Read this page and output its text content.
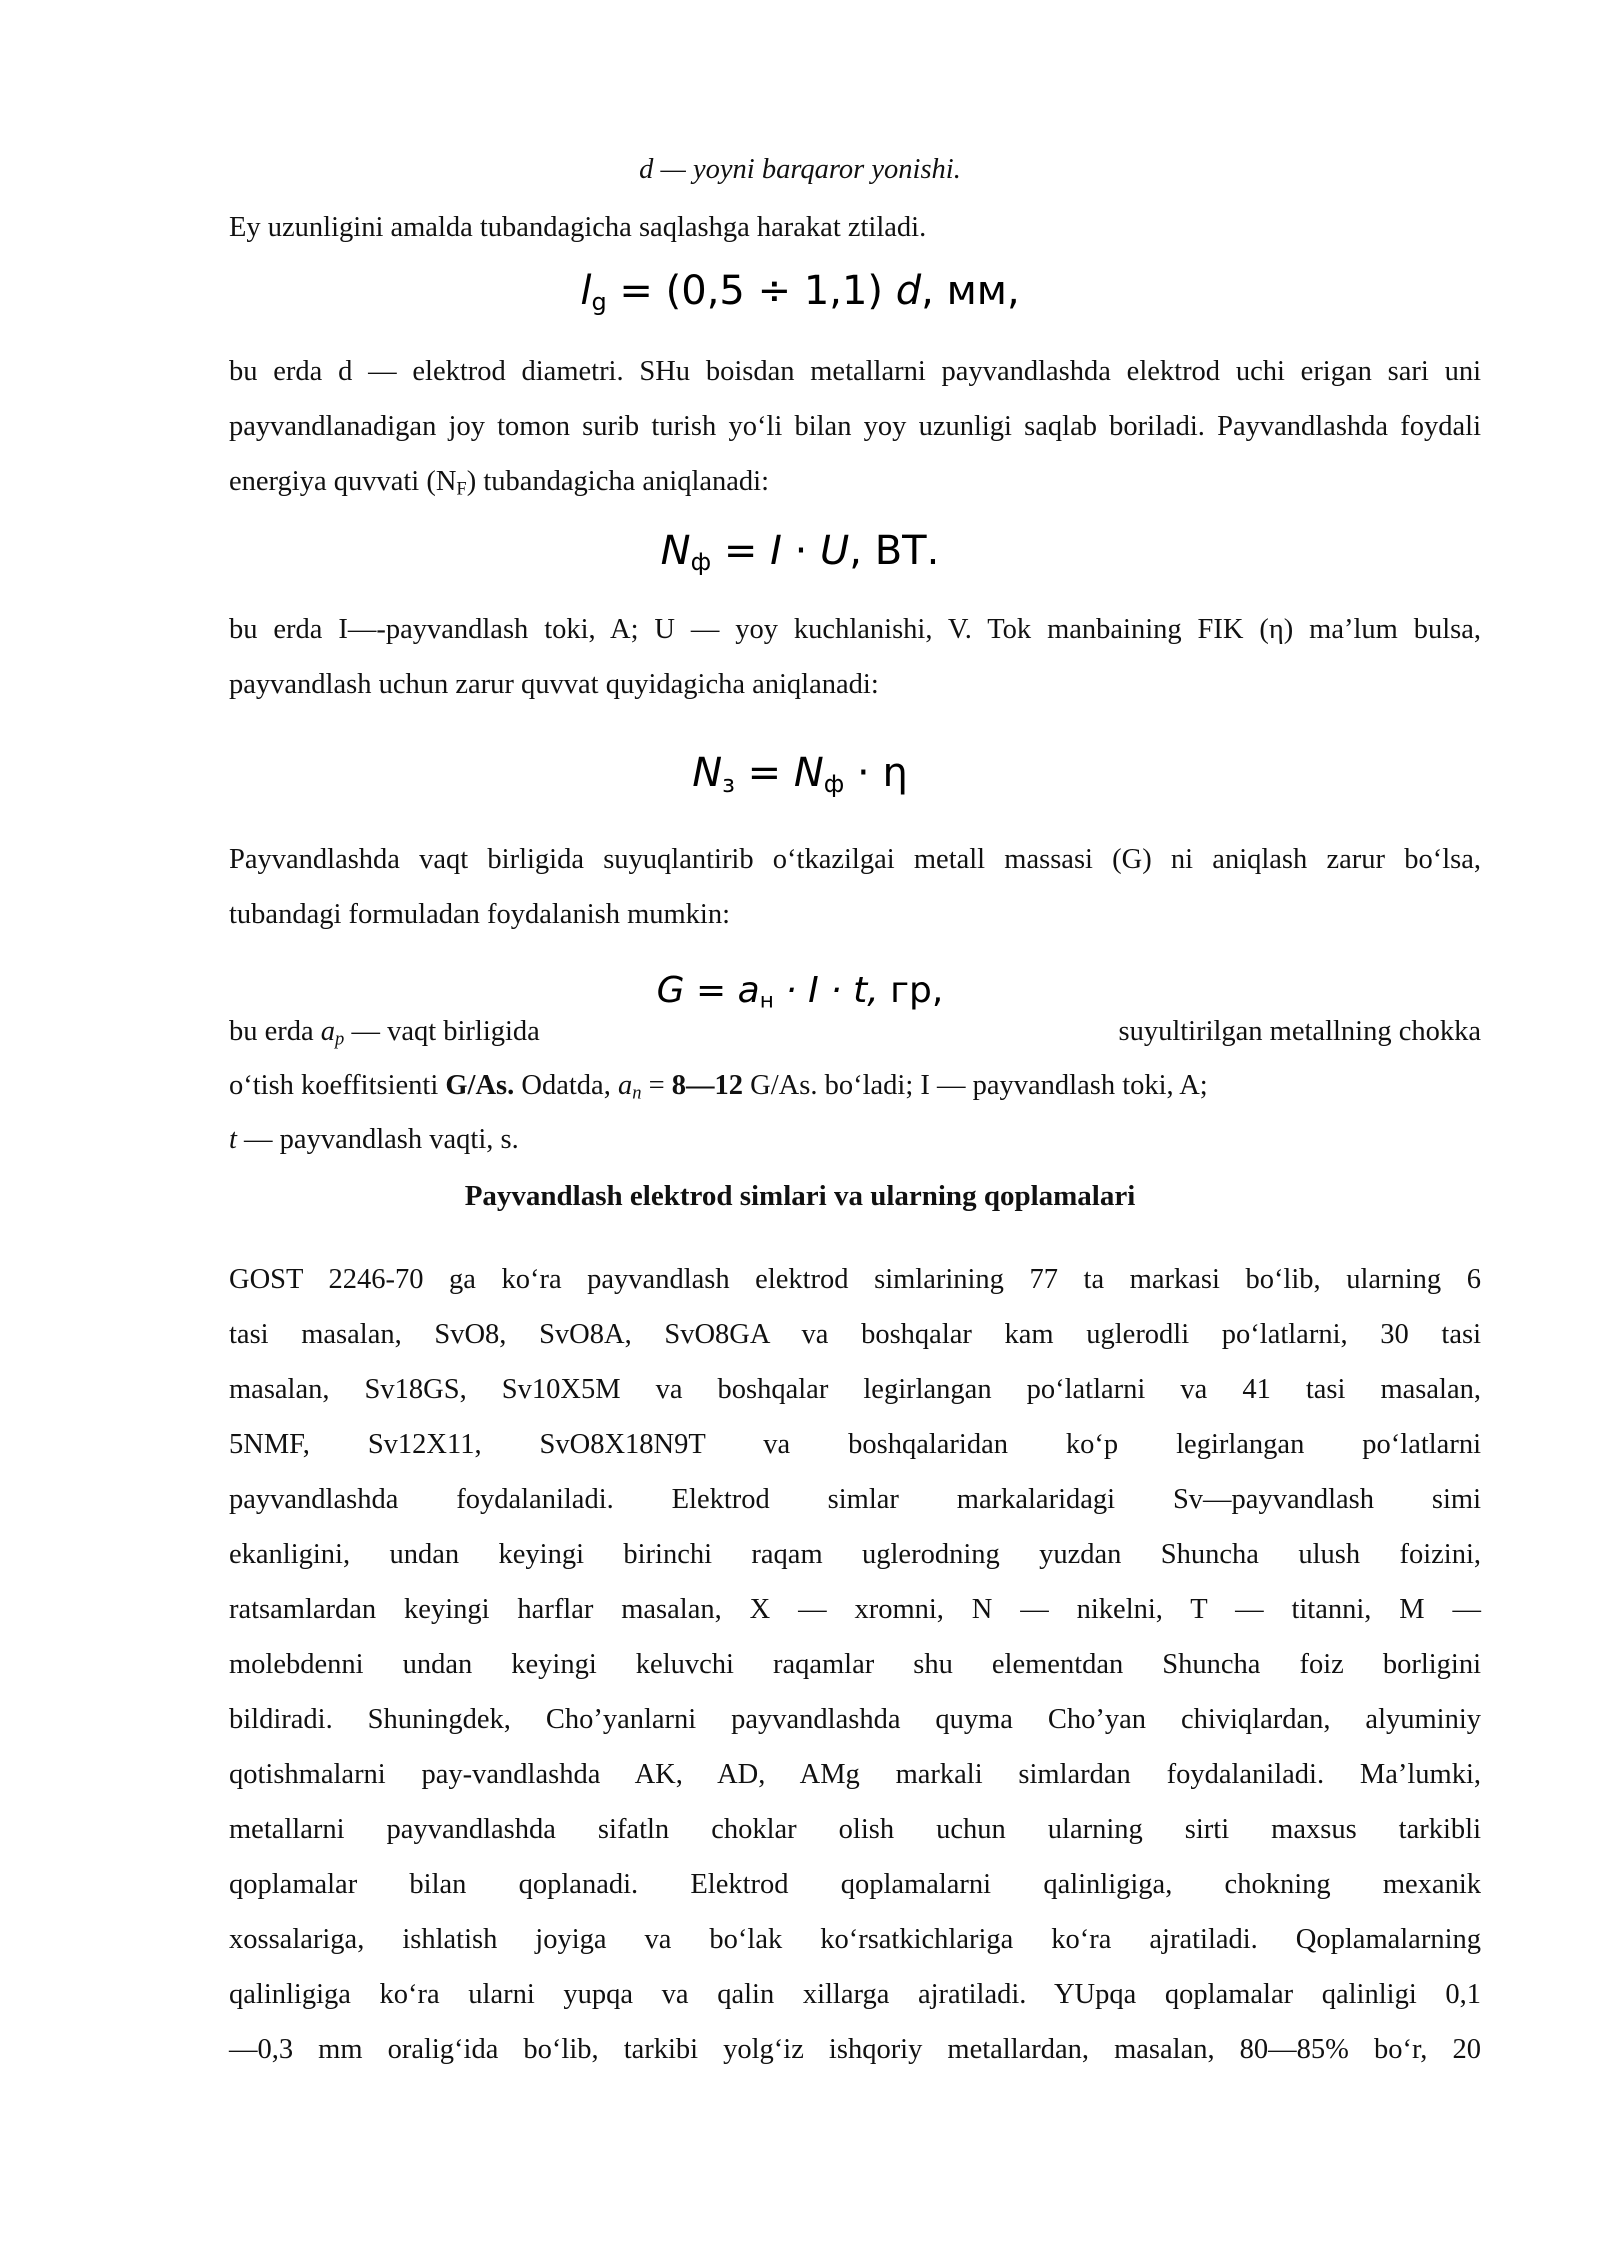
d — yoyni barqaror yonishi.
Ey uzunligini amalda tubandagicha saqlashga harakat ztiladi.
$l_g = (0,5 \div 1,1)$ d, мм,
bu erda d — elektrod diametri. SHu boisdan metallarni payvandlashda elektrod uchi erigan sari uni
payvandlanadigan joy tomon surib turish yo‘li bilan yoy uzunligi saqlab boriladi. Payvandlashda foydali
energiya quvvati $(N_F)$ tubandagicha aniqlanadi:
$N_ф = I \cdot U$, ВТ.
bu erda I—-payvandlash toki, A; U — yoy kuchlanishi, V. Tok manbaining FIK (η) ma’lum bulsa,
payvandlash uchun zarur quvvat quyidagicha aniqlanadi:
$N_з = N_ф \cdot \eta$
Payvandlashda vaqt birligida suyuqlantirib o‘tkazilgai metall massasi (G) ni aniqlash zarur bo‘lsa,
tubandagi formuladan foydalanish mumkin:
$G = a_н \cdot I \cdot t$, гр,
bu erda $a_p$ — vaqt birligida	suyultirilgan metallning chokka
o‘tish koeffitsienti G/As. Odatda, $a_n$ = 8—12 G/As. bo‘ladi; I — payvandlash toki, A;
t — payvandlash vaqti, s.
Payvandlash elektrod simlari va ularning qoplamalari
GOST 2246-70 ga ko‘ra payvandlash elektrod simlarining 77 ta markasi bo‘lib, ularning 6
tasi masalan, SvO8, SvO8A, SvO8GA va boshqalar kam uglerodli po‘latlarni, 30 tasi
masalan, Sv18GS, Sv10X5M va boshqalar legirlangan po‘latlarni va 41 tasi masalan,
5NMF, Sv12X11, SvO8X18N9T va boshqalaridan ko‘p legirlangan po‘latlarni
payvandlashda foydalaniladi. Elektrod simlar markalaridagi Sv—payvandlash simi
ekanligini, undan keyingi birinchi raqam uglerodning yuzdan Shuncha ulush foizini,
ratsamlardan keyingi harflar masalan, X — xromni, N — nikelni, T — titanni, M —
molebdenni undan keyingi keluvchi raqamlar shu elementdan Shuncha foiz borligini
bildiradi. Shuningdek, Cho’yanlarni payvandlashda quyma Cho’yan chiviqlardan, alyuminiy
qotishmalarni pay-vandlashda AK, AD, AMg markali simlardan foydalaniladi. Ma’lumki,
metallarni payvandlashda sifatln choklar olish uchun ularning sirti maxsus tarkibli
qoplamalar bilan qoplanadi. Elektrod qoplamalarni qalinligiga, chokning mexanik
xossalariga, ishlatish joyiga va bo‘lak ko‘rsatkichlariga ko‘ra ajratiladi. Qoplamalarning
qalinligiga ko‘ra ularni yupqa va qalin xillarga ajratiladi. YUpqa qoplamalar qalinligi 0,1
—0,3 mm oralig‘ida bo‘lib, tarkibi yolg‘iz ishqoriy metallardan, masalan, 80—85% bo‘r, 20
